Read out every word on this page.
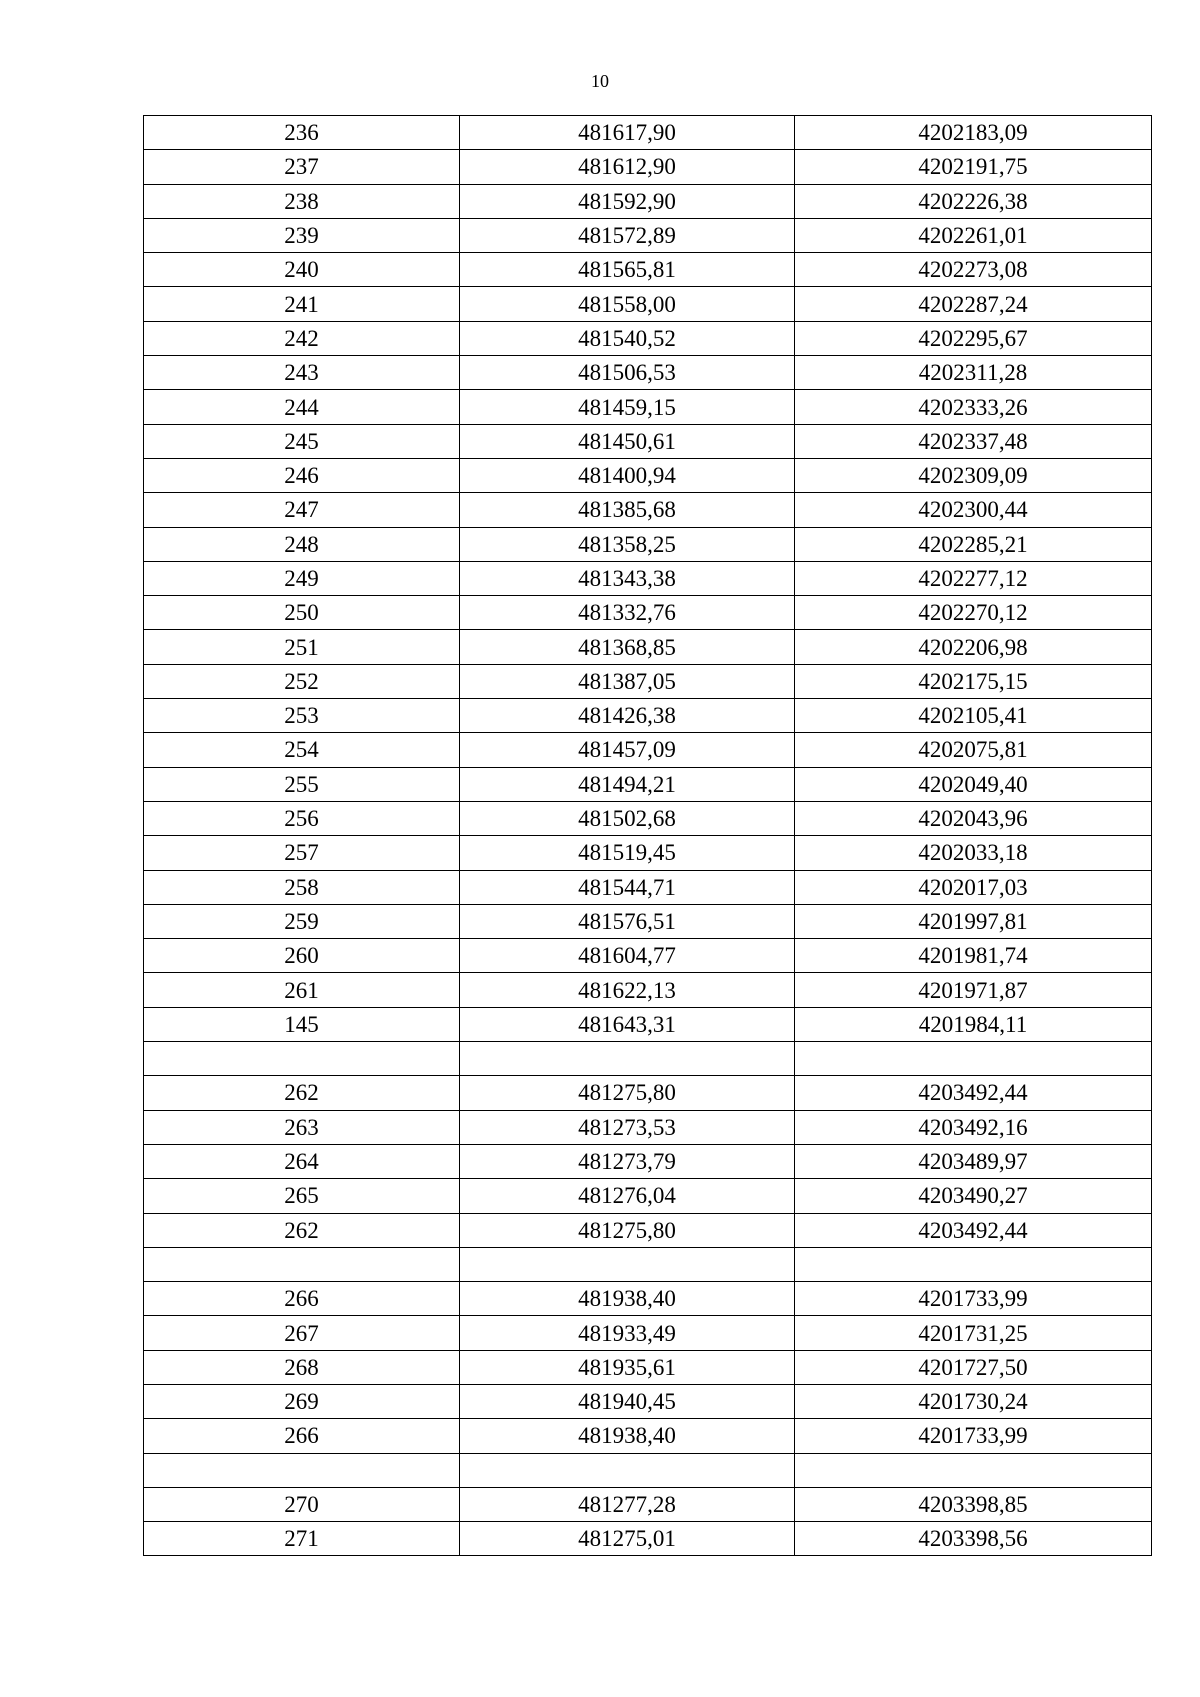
10
236	481617,90	4202183,09
237	481612,90	4202191,75
238	481592,90	4202226,38
239	481572,89	4202261,01
240	481565,81	4202273,08
241	481558,00	4202287,24
242	481540,52	4202295,67
243	481506,53	4202311,28
244	481459,15	4202333,26
245	481450,61	4202337,48
246	481400,94	4202309,09
247	481385,68	4202300,44
248	481358,25	4202285,21
249	481343,38	4202277,12
250	481332,76	4202270,12
251	481368,85	4202206,98
252	481387,05	4202175,15
253	481426,38	4202105,41
254	481457,09	4202075,81
255	481494,21	4202049,40
256	481502,68	4202043,96
257	481519,45	4202033,18
258	481544,71	4202017,03
259	481576,51	4201997,81
260	481604,77	4201981,74
261	481622,13	4201971,87
145	481643,31	4201984,11

262	481275,80	4203492,44
263	481273,53	4203492,16
264	481273,79	4203489,97
265	481276,04	4203490,27
262	481275,80	4203492,44

266	481938,40	4201733,99
267	481933,49	4201731,25
268	481935,61	4201727,50
269	481940,45	4201730,24
266	481938,40	4201733,99

270	481277,28	4203398,85
271	481275,01	4203398,56
